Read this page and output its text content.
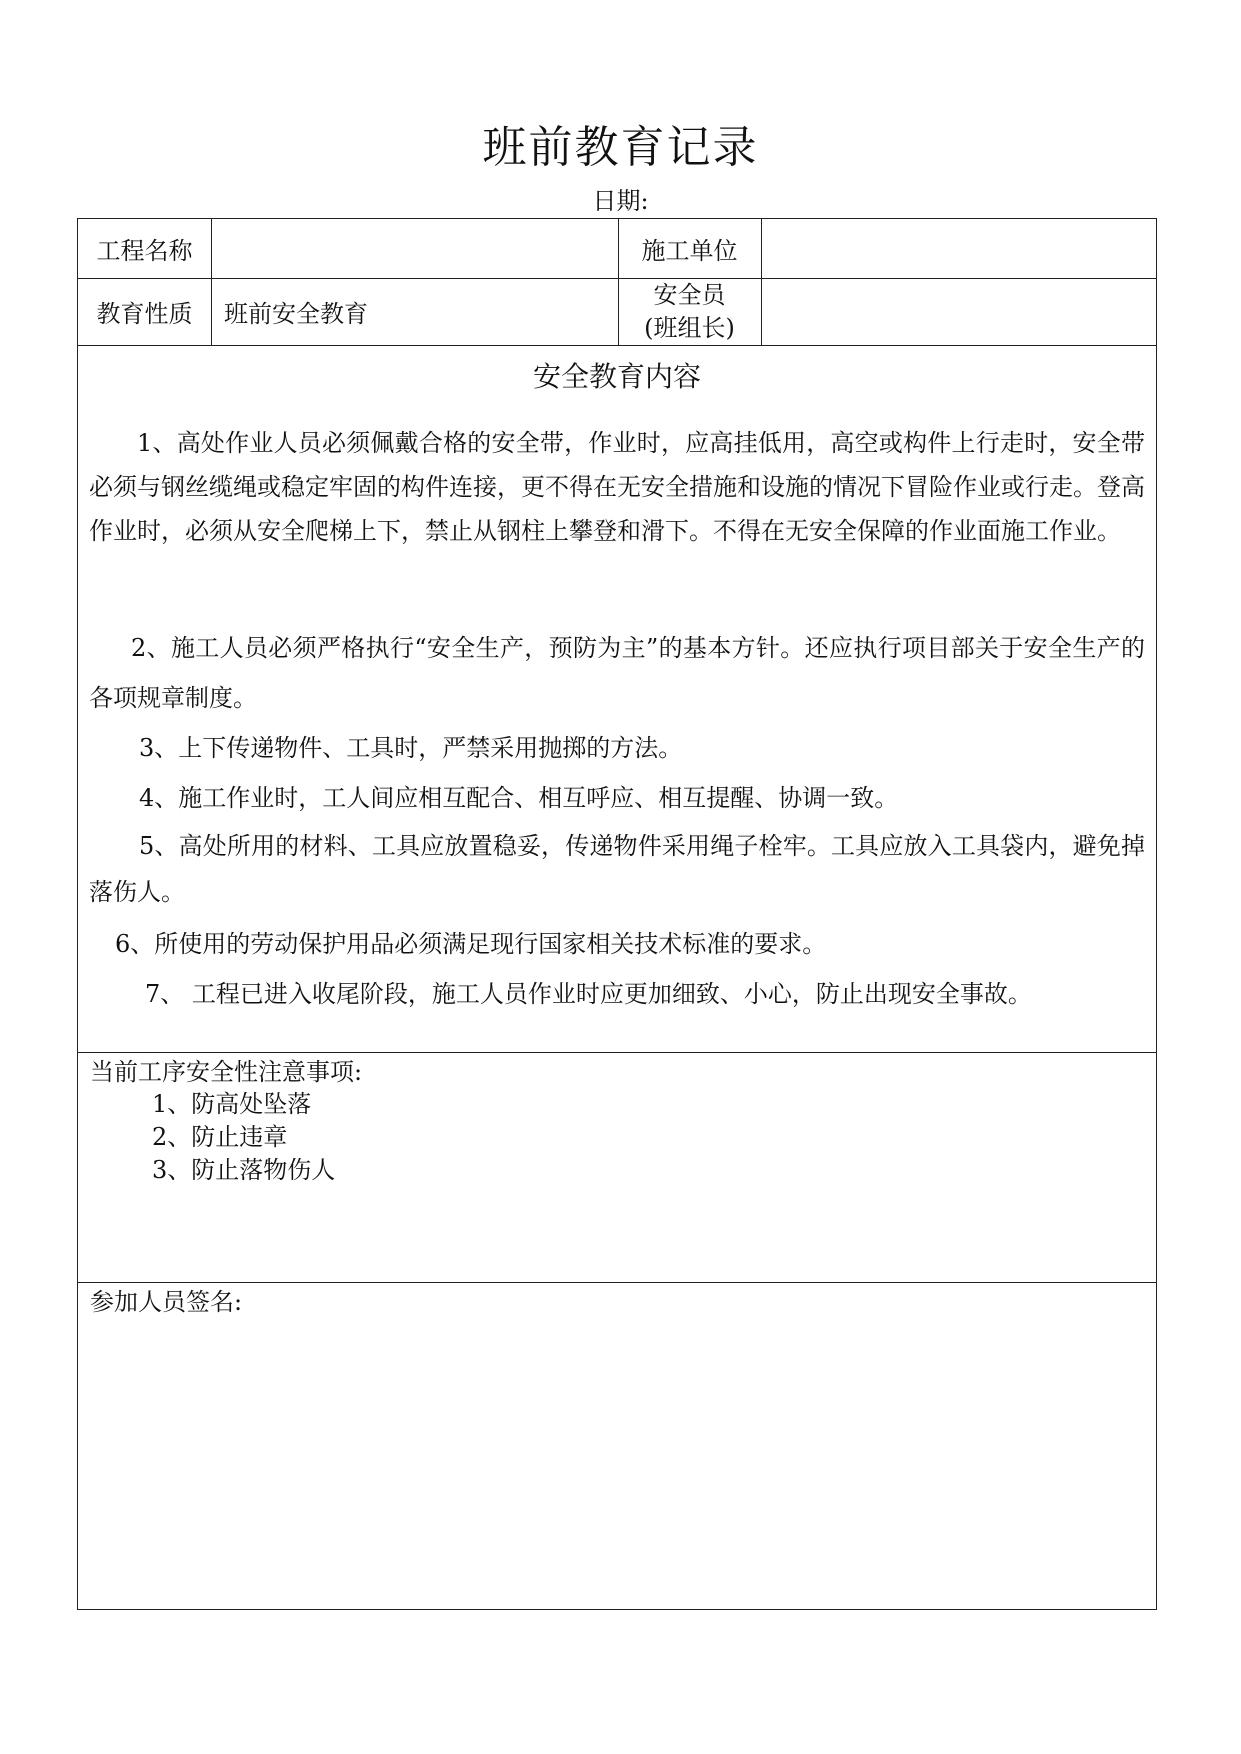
班前教育记录
日期:
工程名称	施工单位
教育性质	班前安全教育
安全员
(班组长)
安全教育内容
1、高处作业人员必须佩戴合格的安全带，作业时，应高挂低用，高空或构件上行走时，安全带必须与钢丝缆绳或稳定牢固的构件连接，更不得在无安全措施和设施的情况下冒险作业或行走。登高作业时，必须从安全爬梯上下，禁止从钢柱上攀登和滑下。不得在无安全保障的作业面施工作业。
2、施工人员必须严格执行“安全生产，预防为主”的基本方针。还应执行项目部关于安全生产的各项规章制度。
3、上下传递物件、工具时，严禁采用抛掷的方法。
4、施工作业时，工人间应相互配合、相互呼应、相互提醒、协调一致。
5、高处所用的材料、工具应放置稳妥，传递物件采用绳子栓牢。工具应放入工具袋内，避免掉落伤人。
6、所使用的劳动保护用品必须满足现行国家相关技术标准的要求。
7、 工程已进入收尾阶段，施工人员作业时应更加细致、小心，防止出现安全事故。
当前工序安全性注意事项:
1、防高处坠落
2、防止违章
3、防止落物伤人
参加人员签名:
